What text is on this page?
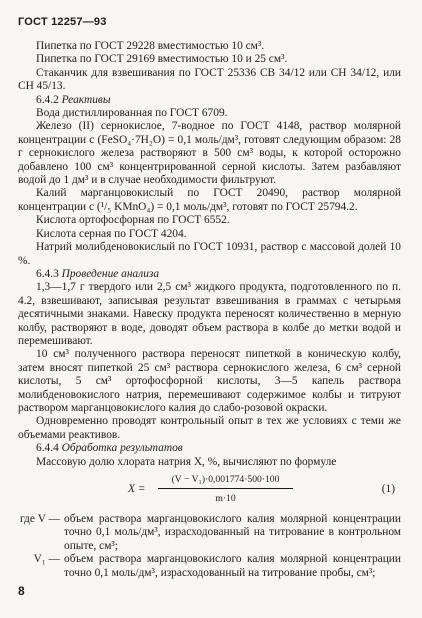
ГОСТ 12257—93

Пипетка по ГОСТ 29228 вместимостью 10 см³.

Пипетка по ГОСТ 29169 вместимостью 10 и 25 см³.

Стаканчик для взвешивания по ГОСТ 25336 СВ 34/12 или СН 34/12, или СН 45/13.

6.4.2 Реактивы

Вода дистиллированная по ГОСТ 6709.

Железо (II) сернокислое, 7-водное по ГОСТ 4148, раствор молярной концентрации с (FeSO₄·7H₂O) = 0,1 моль/дм³, готовят следующим образом: 28 г сернокислого железа растворяют в 500 см³ воды, к которой осторожно добавлено 100 см³ концентрированной серной кислоты. Затем разбавляют водой до 1 дм³ и в случае необходимости фильтруют.

Калий марганцовокислый по ГОСТ 20490, раствор молярной концентрации с (¹/₅ KMnO₄) = 0,1 моль/дм³, готовят по ГОСТ 25794.2.

Кислота ортофосфорная по ГОСТ 6552.

Кислота серная по ГОСТ 4204.

Натрий молибденовокислый по ГОСТ 10931, раствор с массовой долей 10 %.

6.4.3 Проведение анализа

1,3—1,7 г твердого или 2,5 см³ жидкого продукта, подготовленного по п. 4.2, взвешивают, записывая результат взвешивания в граммах с четырьмя десятичными знаками. Навеску продукта переносят количественно в мерную колбу, растворяют в воде, доводят объем раствора в колбе до метки водой и перемешивают.

10 см³ полученного раствора переносят пипеткой в коническую колбу, затем вносят пипеткой 25 см³ раствора сернокислого железа, 6 см³ серной кислоты, 5 см³ ортофосфорной кислоты, 3—5 капель раствора молибденовокислого натрия, перемешивают содержимое колбы и титруют раствором марганцовокислого калия до слабо-розовой окраски.

Одновременно проводят контрольный опыт в тех же условиях с теми же объемами реактивов.

6.4.4 Обработка результатов

Массовую долю хлората натрия X, %, вычисляют по формуле

$X = \frac{\text{(V − V₁)·0,001774·500·100}}{m\cdot 10}$	(1)
где V — объем раствора марганцовокислого калия молярной концентрации точно 0,1 моль/дм³, израсходованный на титрование в контрольном опыте, см³;
V₁ — объем раствора марганцовокислого калия молярной концентрации точно 0,1 моль/дм³, израсходованный на титрование пробы, см³;
8
